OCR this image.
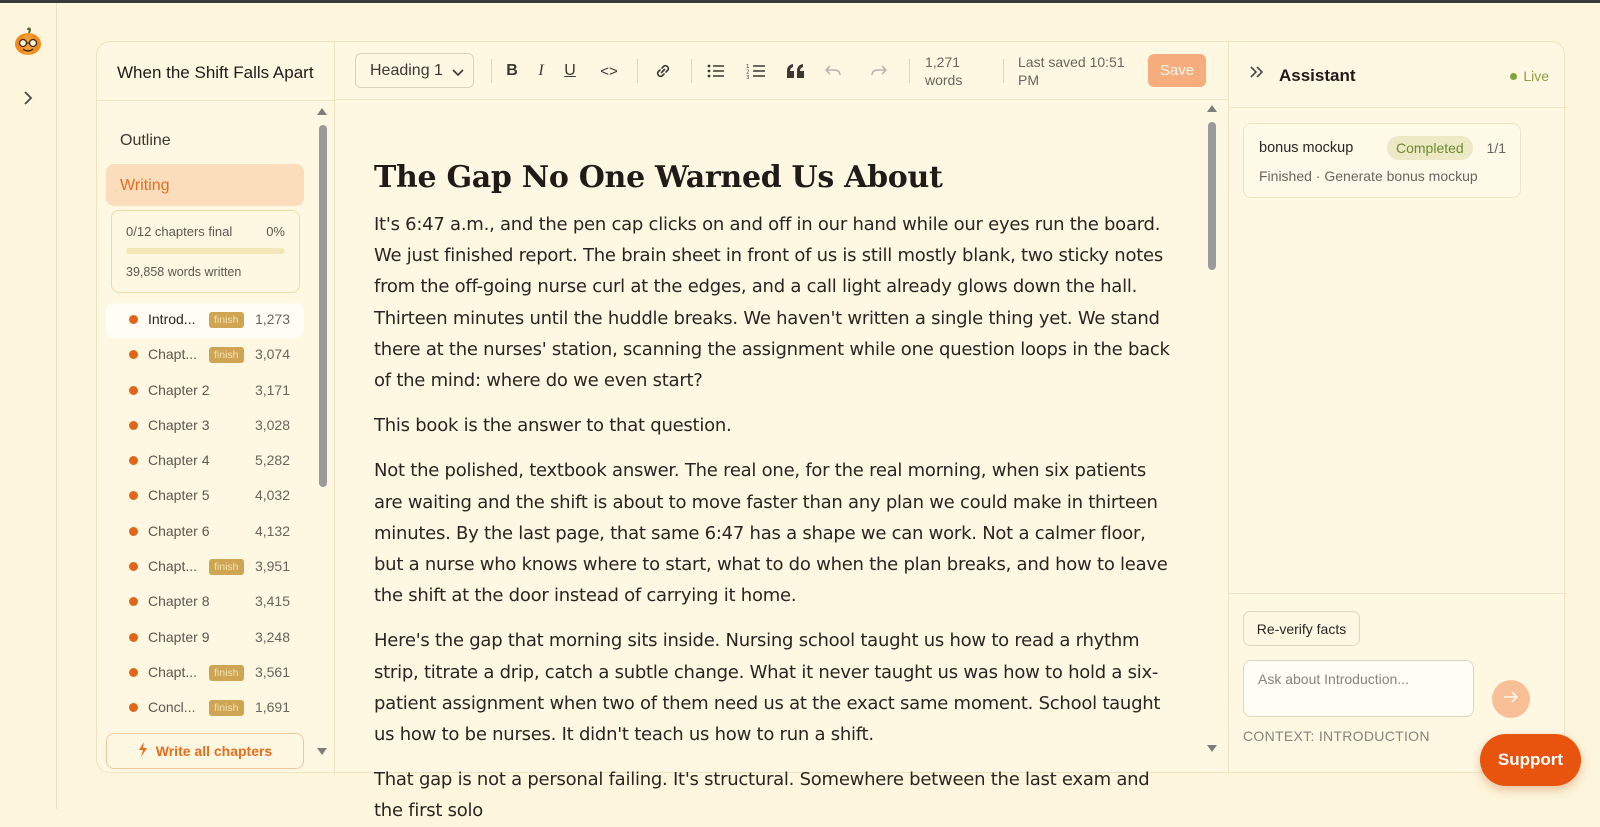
When the Shift Falls Apart
Outline
Writing
0/12 chapters final	0%
39,858 words written
Introd...	finish	1,273
Chapt...	finish	3,074
Chapter 2	3,171
Chapter 3	3,028
Chapter 4	5,282
Chapter 5	4,032
Chapter 6	4,132
Chapt...	finish	3,951
Chapter 8	3,415
Chapter 9	3,248
Chapt...	finish	3,561
Concl...	finish	1,691
Write all chapters
Heading 1	B I U <>	1
2
3
1,271
words
Last saved 10:51 PM
Save
The Gap No One Warned Us About
It's 6:47 a.m., and the pen cap clicks on and off in our hand while our eyes run the board. We just finished report. The brain sheet in front of us is still mostly blank, two sticky notes from the off-going nurse curl at the edges, and a call light already glows down the hall. Thirteen minutes until the huddle breaks. We haven't written a single thing yet. We stand there at the nurses' station, scanning the assignment while one question loops in the back of the mind: where do we even start?
This book is the answer to that question.
Not the polished, textbook answer. The real one, for the real morning, when six patients are waiting and the shift is about to move faster than any plan we could make in thirteen minutes. By the last page, that same 6:47 has a shape we can work. Not a calmer floor, but a nurse who knows where to start, what to do when the plan breaks, and how to leave the shift at the door instead of carrying it home.
Here's the gap that morning sits inside. Nursing school taught us how to read a rhythm strip, titrate a drip, catch a subtle change. What it never taught us was how to hold a six-patient assignment when two of them need us at the exact same moment. School taught us how to be nurses. It didn't teach us how to run a shift.
That gap is not a personal failing. It's structural. Somewhere between the last exam and the first solo
Assistant	Live
bonus mockup	Completed	1/1
Finished · Generate bonus mockup
Re-verify facts
Ask about Introduction...
CONTEXT: INTRODUCTION
Support
